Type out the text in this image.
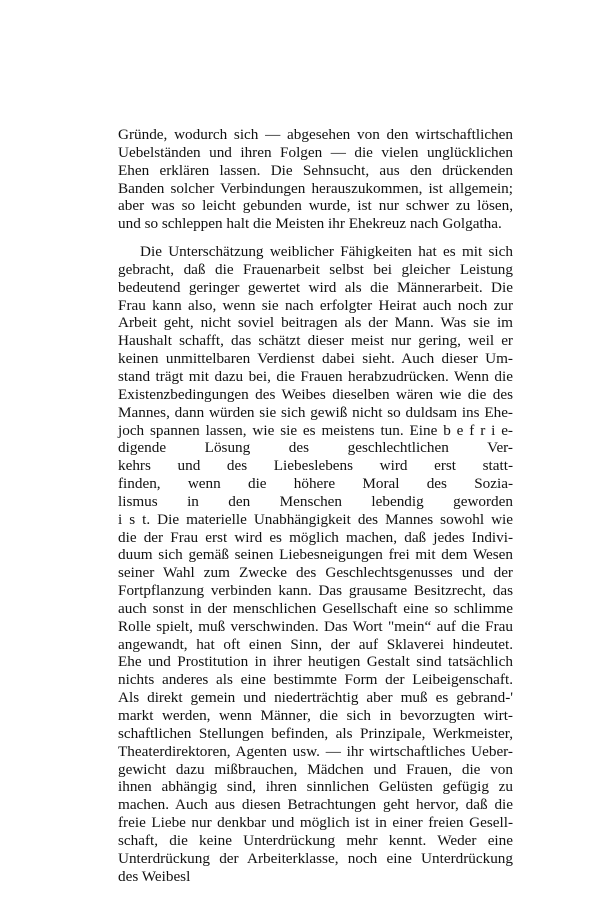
Gründe, wodurch sich — abgesehen von den wirtschaftlichen
Uebelständen und ihren Folgen — die vielen unglücklichen
Ehen erklären lassen. Die Sehnsucht, aus den drückenden
Banden solcher Verbindungen herauszukommen, ist allgemein;
aber was so leicht gebunden wurde, ist nur schwer zu lösen,
und so schleppen halt die Meisten ihr Ehekreuz nach Golgatha.
Die Unterschätzung weiblicher Fähigkeiten hat es mit sich
gebracht, daß die Frauenarbeit selbst bei gleicher Leistung
bedeutend geringer gewertet wird als die Männerarbeit. Die
Frau kann also, wenn sie nach erfolgter Heirat auch noch zur
Arbeit geht, nicht soviel beitragen als der Mann. Was sie im
Haushalt schafft, das schätzt dieser meist nur gering, weil er
keinen unmittelbaren Verdienst dabei sieht. Auch dieser Um-
stand trägt mit dazu bei, die Frauen herabzudrücken. Wenn die
Existenzbedingungen des Weibes dieselben wären wie die des
Mannes, dann würden sie sich gewiß nicht so duldsam ins Ehe-
joch spannen lassen, wie sie es meistens tun. Eine b e f r i e-
digende Lösung des geschlechtlichen Ver-
kehrs und des Liebeslebens wird erst statt-
finden, wenn die höhere Moral des Sozia-
lismus in den Menschen lebendig geworden
i s t. Die materielle Unabhängigkeit des Mannes sowohl wie
die der Frau erst wird es möglich machen, daß jedes Indivi-
duum sich gemäß seinen Liebesneigungen frei mit dem Wesen
seiner Wahl zum Zwecke des Geschlechtsgenusses und der
Fortpflanzung verbinden kann. Das grausame Besitzrecht, das
auch sonst in der menschlichen Gesellschaft eine so schlimme
Rolle spielt, muß verschwinden. Das Wort "mein“ auf die Frau
angewandt, hat oft einen Sinn, der auf Sklaverei hindeutet.
Ehe und Prostitution in ihrer heutigen Gestalt sind tatsächlich
nichts anderes als eine bestimmte Form der Leibeigenschaft.
Als direkt gemein und niederträchtig aber muß es gebrand-'
markt werden, wenn Männer, die sich in bevorzugten wirt-
schaftlichen Stellungen befinden, als Prinzipale, Werkmeister,
Theaterdirektoren, Agenten usw. — ihr wirtschaftliches Ueber-
gewicht dazu mißbrauchen, Mädchen und Frauen, die von
ihnen abhängig sind, ihren sinnlichen Gelüsten gefügig zu
machen. Auch aus diesen Betrachtungen geht hervor, daß die
freie Liebe nur denkbar und möglich ist in einer freien Gesell-
schaft, die keine Unterdrückung mehr kennt. Weder eine
Unterdrückung der Arbeiterklasse, noch eine Unterdrückung
des Weibesl
